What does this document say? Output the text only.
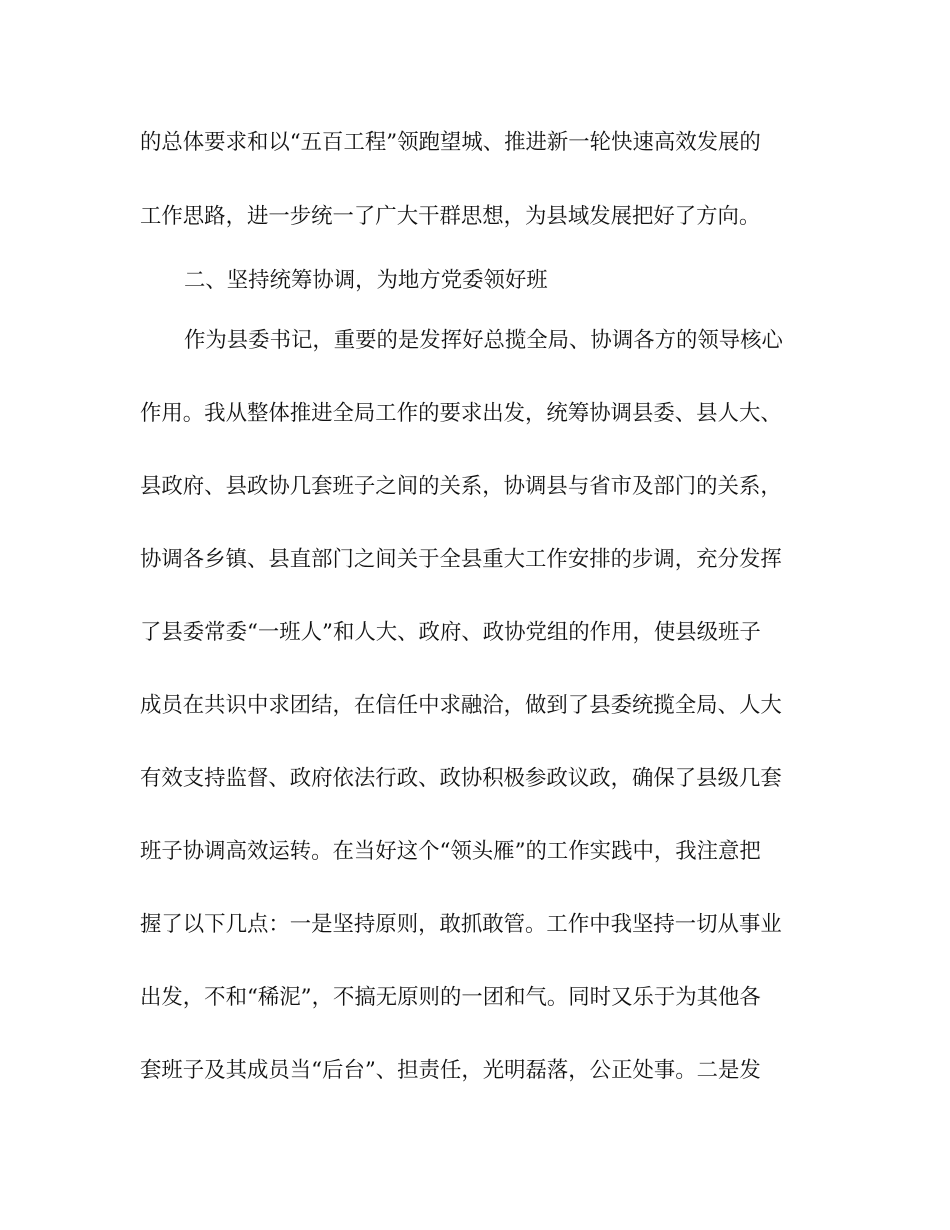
的总体要求和以“五百工程”领跑望城、推进新一轮快速高效发展的
工作思路，进一步统一了广大干群思想，为县域发展把好了方向。
二、坚持统筹协调，为地方党委领好班
作为县委书记，重要的是发挥好总揽全局、协调各方的领导核心
作用。我从整体推进全局工作的要求出发，统筹协调县委、县人大、
县政府、县政协几套班子之间的关系，协调县与省市及部门的关系，
协调各乡镇、县直部门之间关于全县重大工作安排的步调，充分发挥
了县委常委“一班人”和人大、政府、政协党组的作用，使县级班子
成员在共识中求团结，在信任中求融洽，做到了县委统揽全局、人大
有效支持监督、政府依法行政、政协积极参政议政，确保了县级几套
班子协调高效运转。在当好这个“领头雁”的工作实践中，我注意把
握了以下几点：一是坚持原则，敢抓敢管。工作中我坚持一切从事业
出发，不和“稀泥”，不搞无原则的一团和气。同时又乐于为其他各
套班子及其成员当“后台”、担责任，光明磊落，公正处事。二是发
